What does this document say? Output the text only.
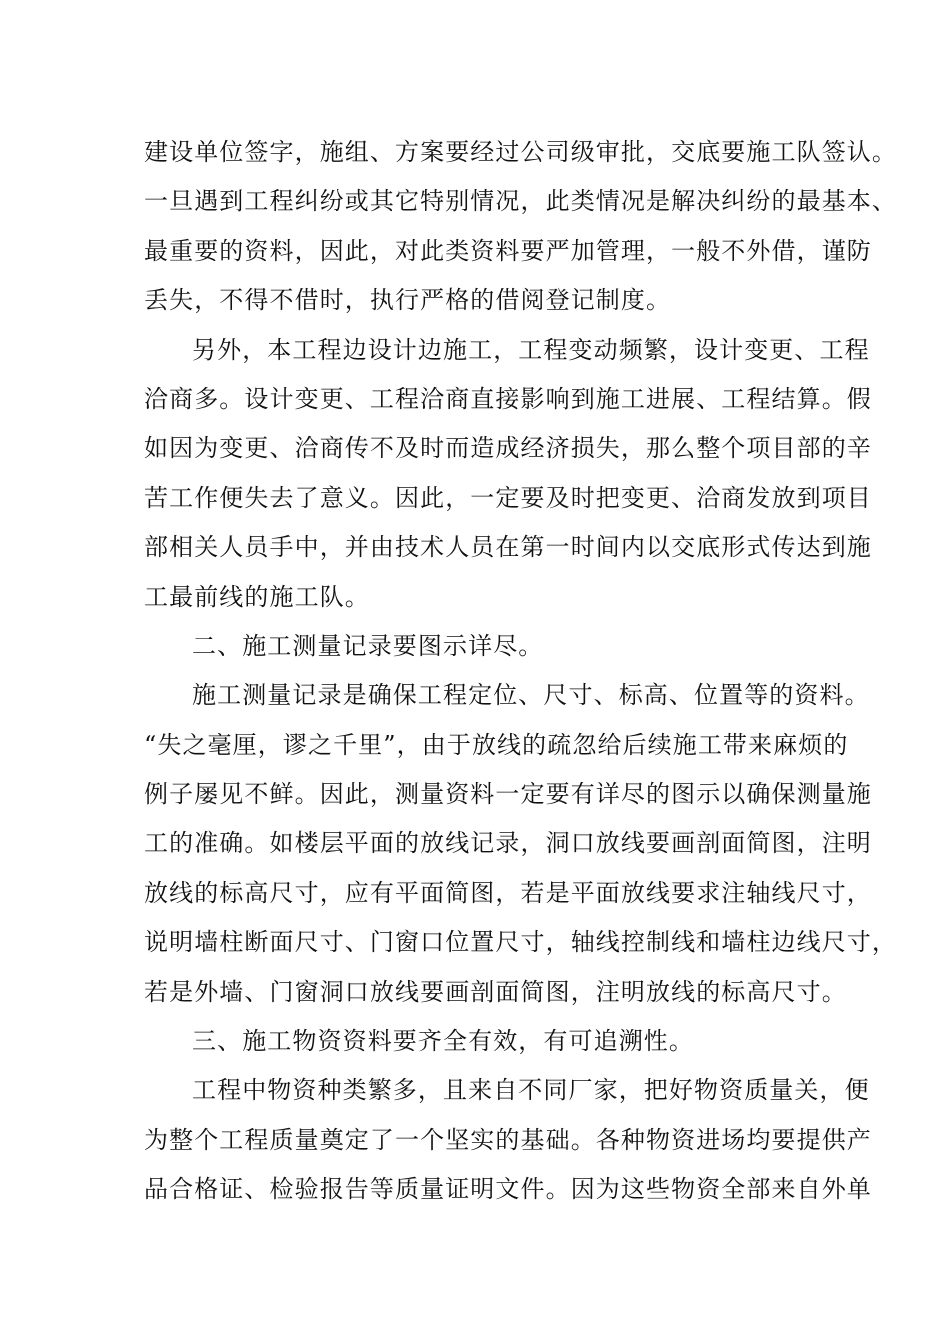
建设单位签字，施组、方案要经过公司级审批，交底要施工队签认。
一旦遇到工程纠纷或其它特别情况，此类情况是解决纠纷的最基本、
最重要的资料，因此，对此类资料要严加管理，一般不外借，谨防
丢失，不得不借时，执行严格的借阅登记制度。
另外，本工程边设计边施工，工程变动频繁，设计变更、工程
洽商多。设计变更、工程洽商直接影响到施工进展、工程结算。假
如因为变更、洽商传不及时而造成经济损失，那么整个项目部的辛
苦工作便失去了意义。因此，一定要及时把变更、洽商发放到项目
部相关人员手中，并由技术人员在第一时间内以交底形式传达到施
工最前线的施工队。
二、施工测量记录要图示详尽。
施工测量记录是确保工程定位、尺寸、标高、位置等的资料。
“失之毫厘，谬之千里”，由于放线的疏忽给后续施工带来麻烦的
例子屡见不鲜。因此，测量资料一定要有详尽的图示以确保测量施
工的准确。如楼层平面的放线记录，洞口放线要画剖面简图，注明
放线的标高尺寸，应有平面简图，若是平面放线要求注轴线尺寸，
说明墙柱断面尺寸、门窗口位置尺寸，轴线控制线和墙柱边线尺寸，
若是外墙、门窗洞口放线要画剖面简图，注明放线的标高尺寸。
三、施工物资资料要齐全有效，有可追溯性。
工程中物资种类繁多，且来自不同厂家，把好物资质量关，便
为整个工程质量奠定了一个坚实的基础。各种物资进场均要提供产
品合格证、检验报告等质量证明文件。因为这些物资全部来自外单
